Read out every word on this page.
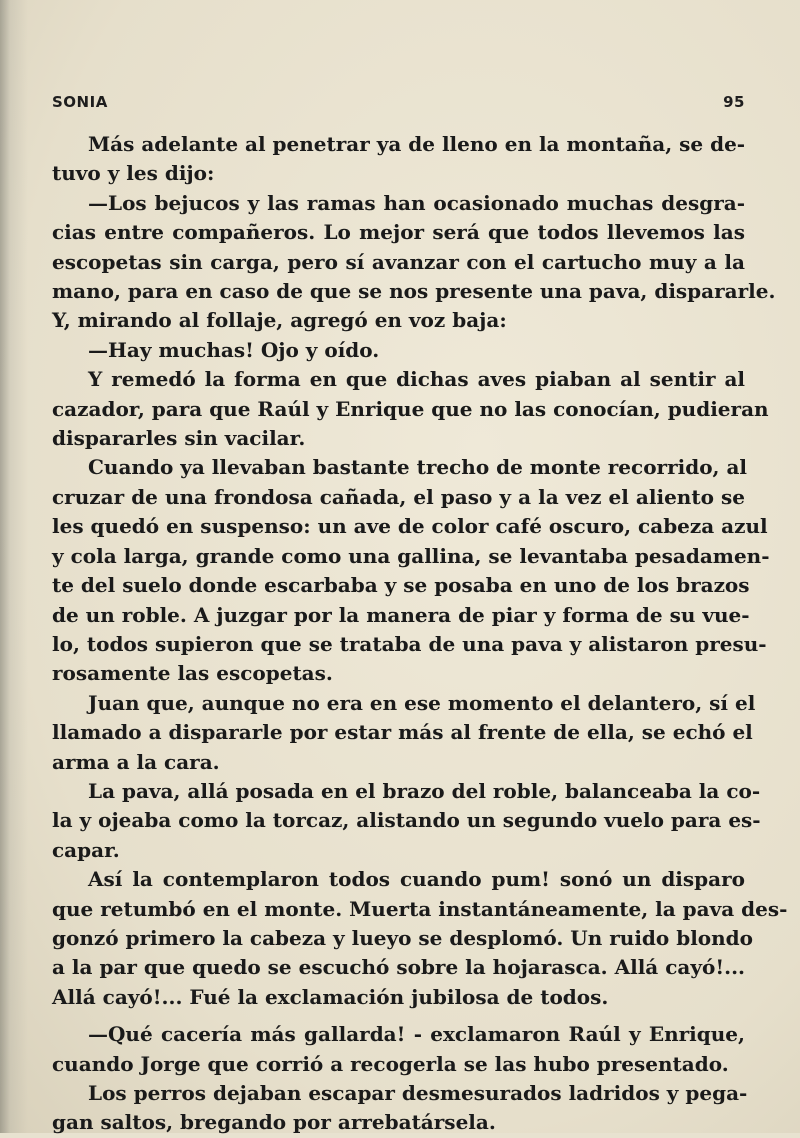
SONIA	95
Más adelante al penetrar ya de lleno en la montaña, se de-
tuvo y les dijo:
—Los bejucos y las ramas han ocasionado muchas desgra-
cias entre compañeros. Lo mejor será que todos llevemos las
escopetas sin carga, pero sí avanzar con el cartucho muy a la
mano, para en caso de que se nos presente una pava, dispararle.
Y, mirando al follaje, agregó en voz baja:
—Hay muchas! Ojo y oído.
Y remedó la forma en que dichas aves piaban al sentir al
cazador, para que Raúl y Enrique que no las conocían, pudieran
dispararles sin vacilar.
Cuando ya llevaban bastante trecho de monte recorrido, al
cruzar de una frondosa cañada, el paso y a la vez el aliento se
les quedó en suspenso: un ave de color café oscuro, cabeza azul
y cola larga, grande como una gallina, se levantaba pesadamen-
te del suelo donde escarbaba y se posaba en uno de los brazos
de un roble. A juzgar por la manera de piar y forma de su vue-
lo, todos supieron que se trataba de una pava y alistaron presu-
rosamente las escopetas.
Juan que, aunque no era en ese momento el delantero, sí el
llamado a dispararle por estar más al frente de ella, se echó el
arma a la cara.
La pava, allá posada en el brazo del roble, balanceaba la co-
la y ojeaba como la torcaz, alistando un segundo vuelo para es-
capar.
Así la contemplaron todos cuando pum! sonó un disparo
que retumbó en el monte. Muerta instantáneamente, la pava des-
gonzó primero la cabeza y lueyo se desplomó. Un ruido blondo
a la par que quedo se escuchó sobre la hojarasca. Allá cayó!...
Allá cayó!... Fué la exclamación jubilosa de todos.
—Qué cacería más gallarda! - exclamaron Raúl y Enrique,
cuando Jorge que corrió a recogerla se las hubo presentado.
Los perros dejaban escapar desmesurados ladridos y pega-
gan saltos, bregando por arrebatársela.
